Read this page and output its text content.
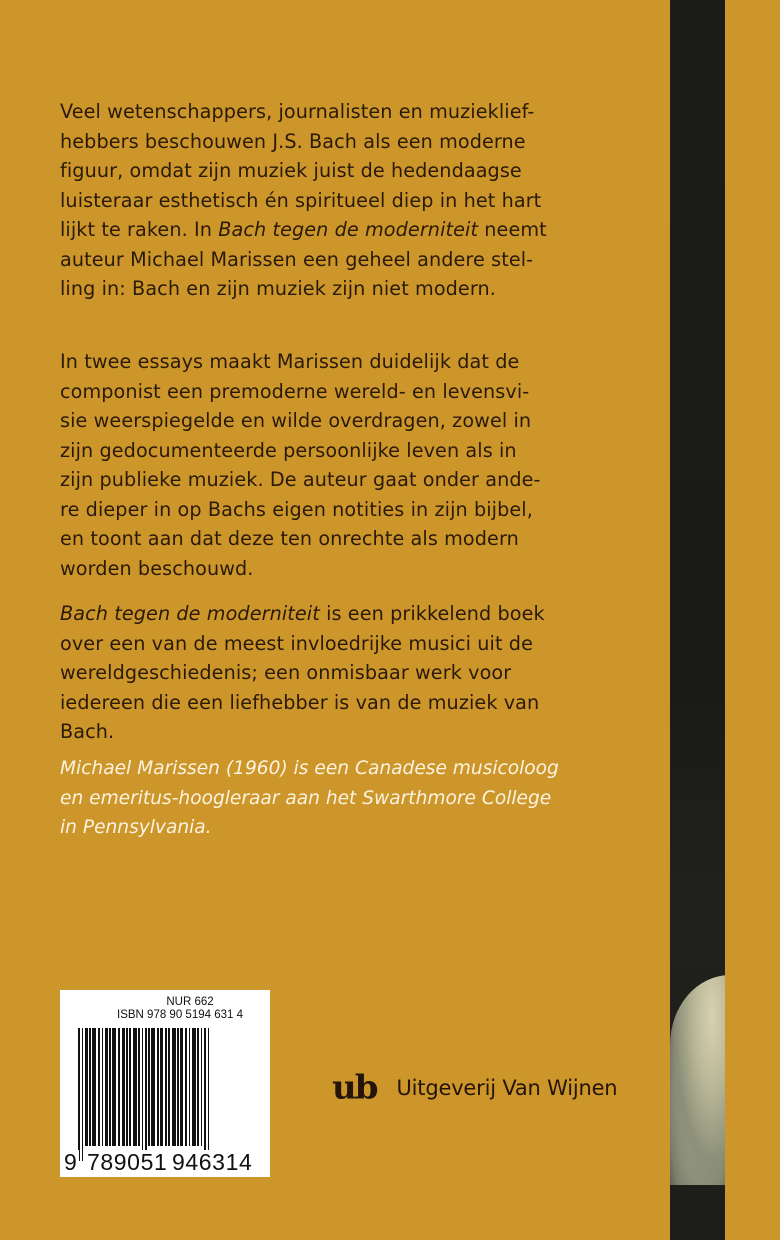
Veel wetenschappers, journalisten en muzieklief-
hebbers beschouwen J.S. Bach als een moderne
figuur, omdat zijn muziek juist de hedendaagse
luisteraar esthetisch én spiritueel diep in het hart
lijkt te raken. In Bach tegen de moderniteit neemt
auteur Michael Marissen een geheel andere stel-
ling in: Bach en zijn muziek zijn niet modern.
In twee essays maakt Marissen duidelijk dat de
componist een premoderne wereld- en levensvi-
sie weerspiegelde en wilde overdragen, zowel in
zijn gedocumenteerde persoonlijke leven als in
zijn publieke muziek. De auteur gaat onder ande-
re dieper in op Bachs eigen notities in zijn bijbel,
en toont aan dat deze ten onrechte als modern
worden beschouwd.
Bach tegen de moderniteit is een prikkelend boek
over een van de meest invloedrijke musici uit de
wereldgeschiedenis; een onmisbaar werk voor
iedereen die een liefhebber is van de muziek van
Bach.
Michael Marissen (1960) is een Canadese musicoloog
en emeritus-hoogleraar aan het Swarthmore College
in Pennsylvania.
NUR 662
ISBN 978 90 5194 631 4
9 789051 946314
ub Uitgeverij Van Wijnen
